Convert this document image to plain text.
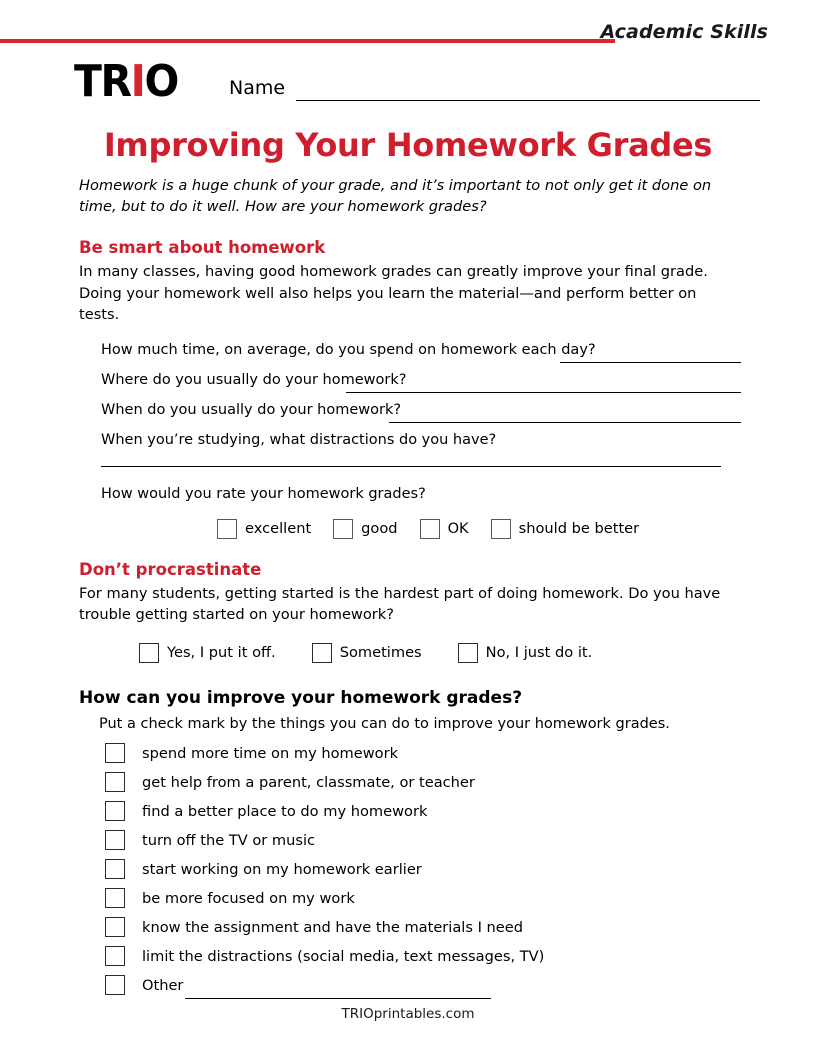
Academic Skills
TRIO	Name
Improving Your Homework Grades

Homework is a huge chunk of your grade, and it’s important to not only get it done on time, but to do it well. How are your homework grades?

Be smart about homework

In many classes, having good homework grades can greatly improve your final grade. Doing your homework well also helps you learn the material—and perform better on tests.

How much time, on average, do you spend on homework each day?
Where do you usually do your homework?
When do you usually do your homework?
When you’re studying, what distractions do you have?
How would you rate your homework grades?
excellent	good	OK	should be better
Don’t procrastinate

For many students, getting started is the hardest part of doing homework. Do you have trouble getting started on your homework?

Yes, I put it off.	Sometimes	No, I just do it.
How can you improve your homework grades?
Put a check mark by the things you can do to improve your homework grades.
spend more time on my homework
get help from a parent, classmate, or teacher
find a better place to do my homework
turn off the TV or music
start working on my homework earlier
be more focused on my work
know the assignment and have the materials I need
limit the distractions (social media, text messages, TV)
Other
TRIOprintables.com
